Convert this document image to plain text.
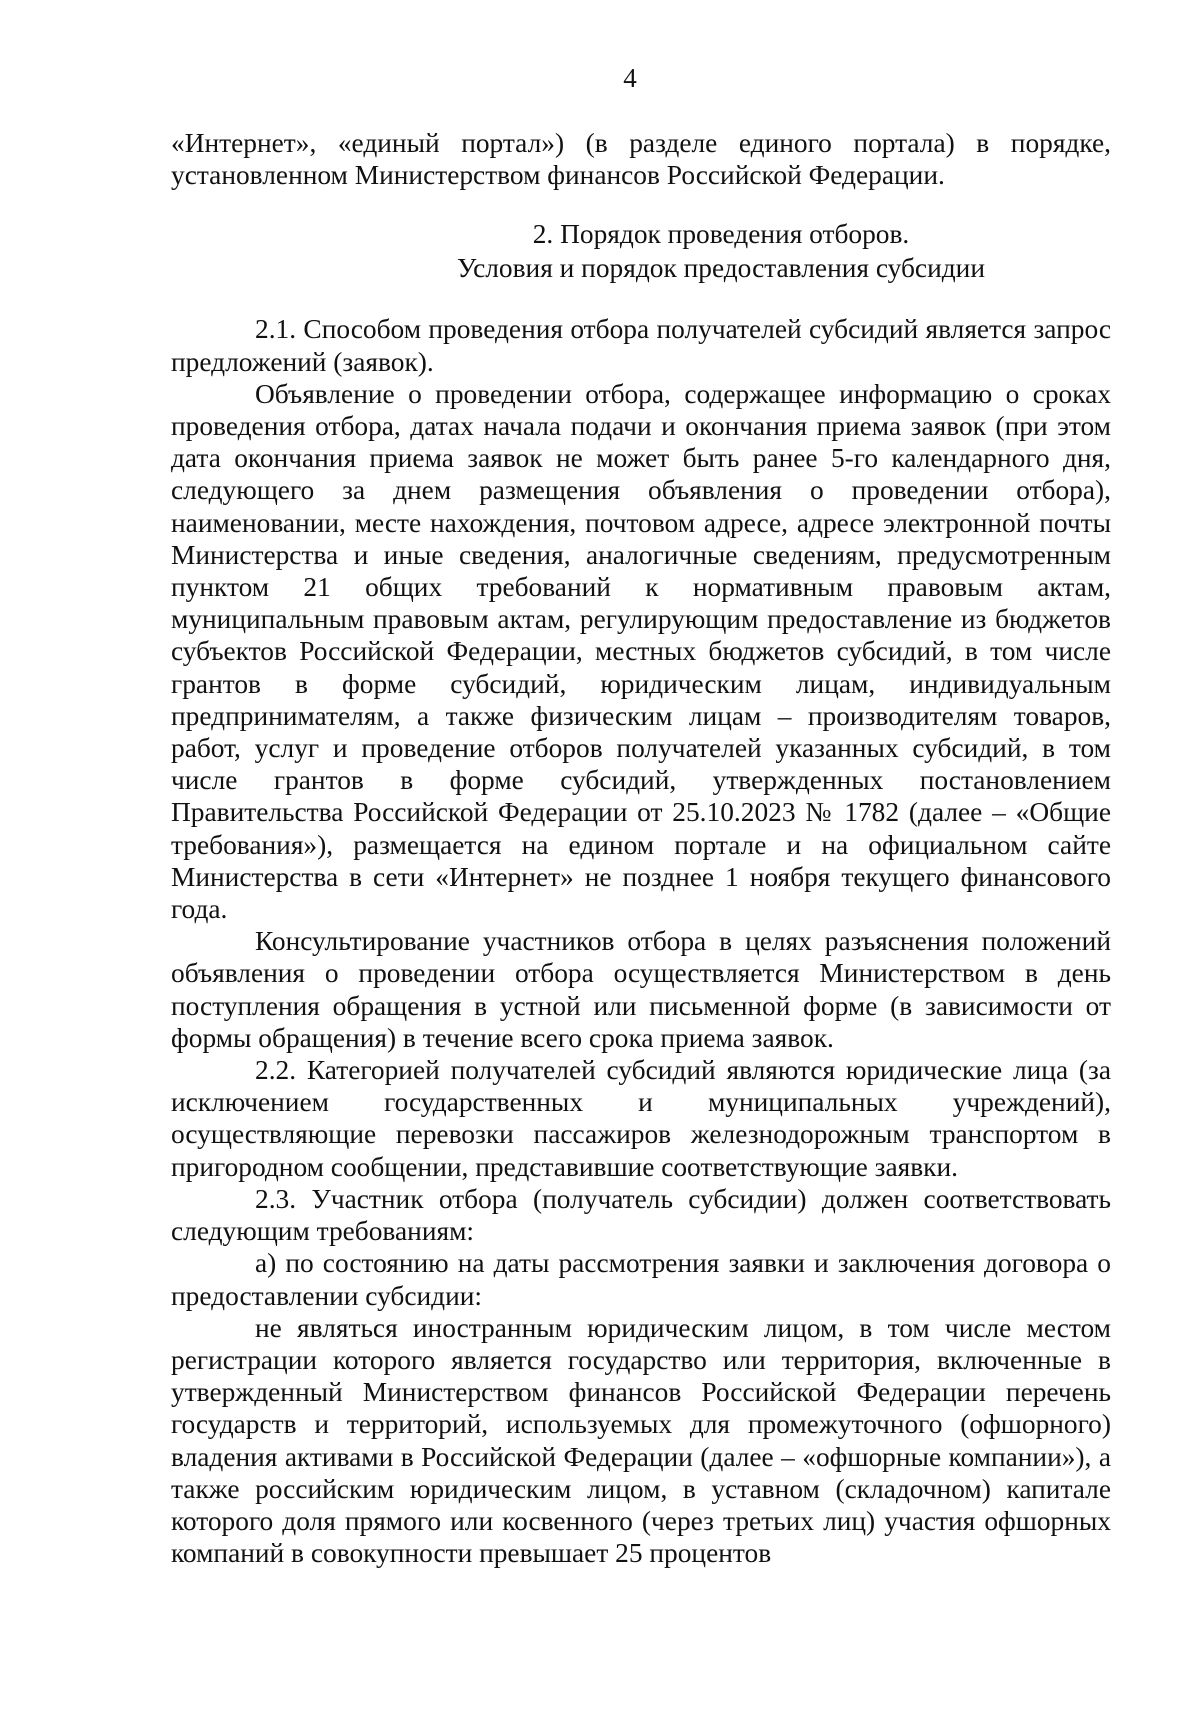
4

«Интернет», «единый портал») (в разделе единого портала) в порядке, установленном Министерством финансов Российской Федерации.

2. Порядок проведения отборов.
Условия и порядок предоставления субсидии

2.1. Способом проведения отбора получателей субсидий является запрос предложений (заявок).

Объявление о проведении отбора, содержащее информацию о сроках проведения отбора, датах начала подачи и окончания приема заявок (при этом дата окончания приема заявок не может быть ранее 5-го календарного дня, следующего за днем размещения объявления о проведении отбора), наименовании, месте нахождения, почтовом адресе, адресе электронной почты Министерства и иные сведения, аналогичные сведениям, предусмотренным пунктом 21 общих требований к нормативным правовым актам, муниципальным правовым актам, регулирующим предоставление из бюджетов субъектов Российской Федерации, местных бюджетов субсидий, в том числе грантов в форме субсидий, юридическим лицам, индивидуальным предпринимателям, а также физическим лицам – производителям товаров, работ, услуг и проведение отборов получателей указанных субсидий, в том числе грантов в форме субсидий, утвержденных постановлением Правительства Российской Федерации от 25.10.2023 № 1782 (далее – «Общие требования»), размещается на едином портале и на официальном сайте Министерства в сети «Интернет» не позднее 1 ноября текущего финансового года.

Консультирование участников отбора в целях разъяснения положений объявления о проведении отбора осуществляется Министерством в день поступления обращения в устной или письменной форме (в зависимости от формы обращения) в течение всего срока приема заявок.

2.2. Категорией получателей субсидий являются юридические лица (за исключением государственных и муниципальных учреждений), осуществляющие перевозки пассажиров железнодорожным транспортом в пригородном сообщении, представившие соответствующие заявки.

2.3. Участник отбора (получатель субсидии) должен соответствовать следующим требованиям:

а) по состоянию на даты рассмотрения заявки и заключения договора о предоставлении субсидии:

не являться иностранным юридическим лицом, в том числе местом регистрации которого является государство или территория, включенные в утвержденный Министерством финансов Российской Федерации перечень государств и территорий, используемых для промежуточного (офшорного) владения активами в Российской Федерации (далее – «офшорные компании»), а также российским юридическим лицом, в уставном (складочном) капитале которого доля прямого или косвенного (через третьих лиц) участия офшорных компаний в совокупности превышает 25 процентов
